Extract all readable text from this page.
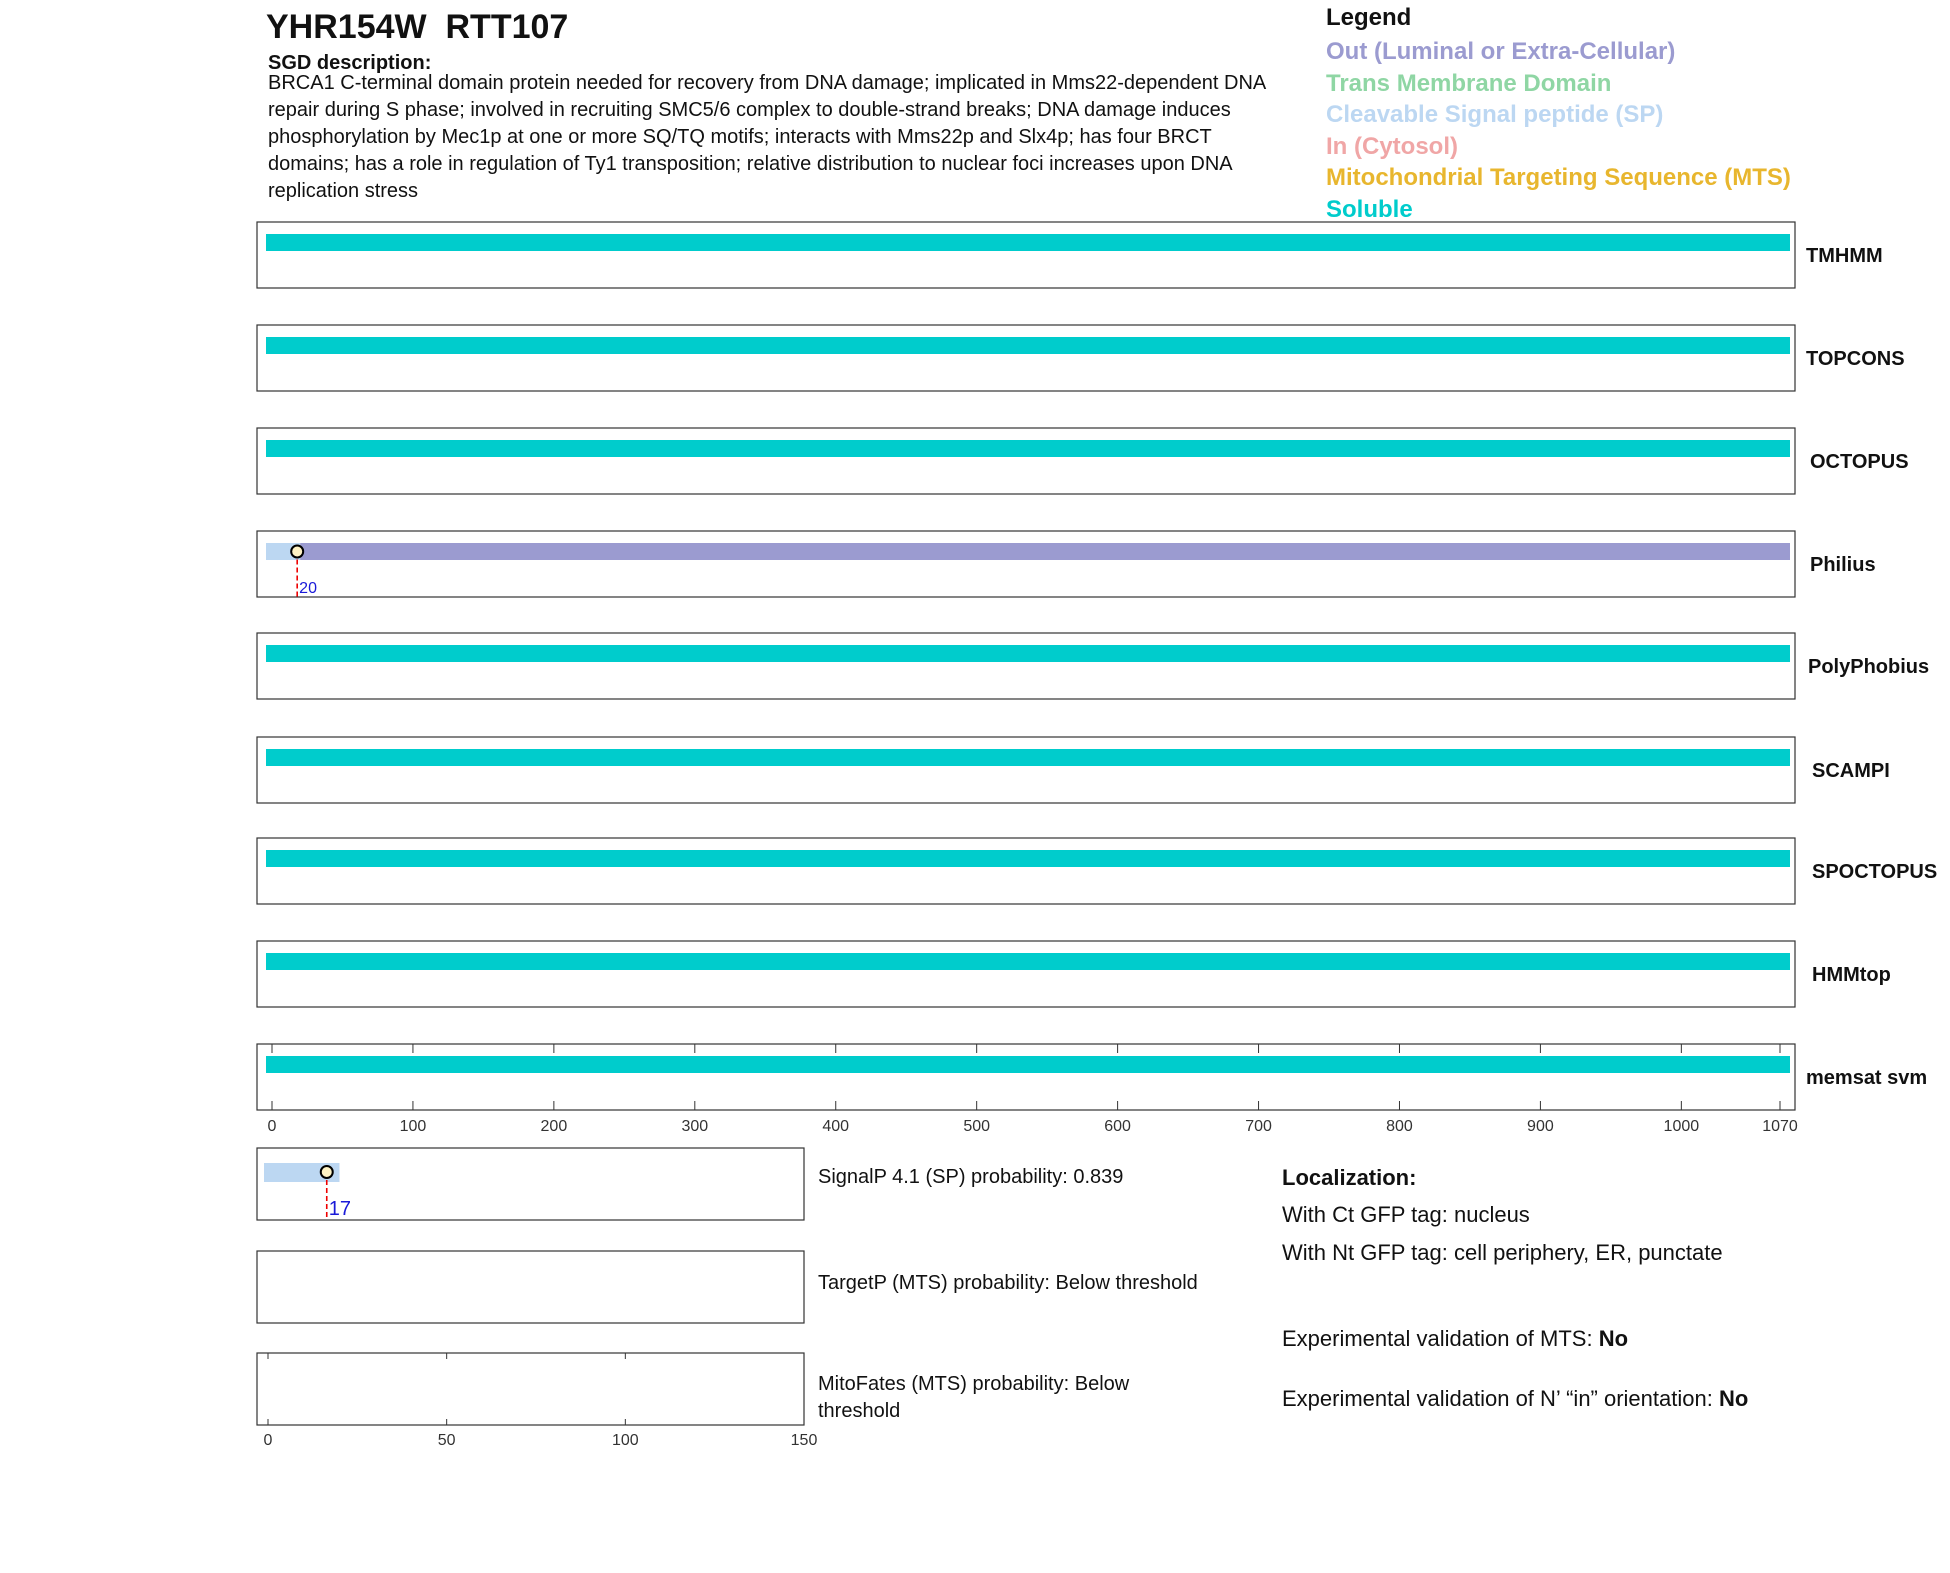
YHR154W  RTT107
SGD description:
BRCA1 C-terminal domain protein needed for recovery from DNA damage; implicated in Mms22-dependent DNA repair during S phase; involved in recruiting SMC5/6 complex to double-strand breaks; DNA damage induces phosphorylation by Mec1p at one or more SQ/TQ motifs; interacts with Mms22p and Slx4p; has four BRCT domains; has a role in regulation of Ty1 transposition; relative distribution to nuclear foci increases upon DNA replication stress
Legend
Out (Luminal or Extra-Cellular)
Trans Membrane Domain
Cleavable Signal peptide (SP)
In (Cytosol)
Mitochondrial Targeting Sequence (MTS)
Soluble
TMHMM
TOPCONS
OCTOPUS
Philius
20
PolyPhobius
SCAMPI
SPOCTOPUS
HMMtop
memsat svm
0	100	200	300	400	500	600	700	800	900	1000	1070
17
0	50	100	150
SignalP 4.1 (SP) probability: 0.839
TargetP (MTS) probability: Below threshold
MitoFates (MTS) probability: Below
threshold
Localization:
With Ct GFP tag: nucleus
With Nt GFP tag: cell periphery, ER, punctate
Experimental validation of MTS: No
Experimental validation of N’ “in” orientation: No
